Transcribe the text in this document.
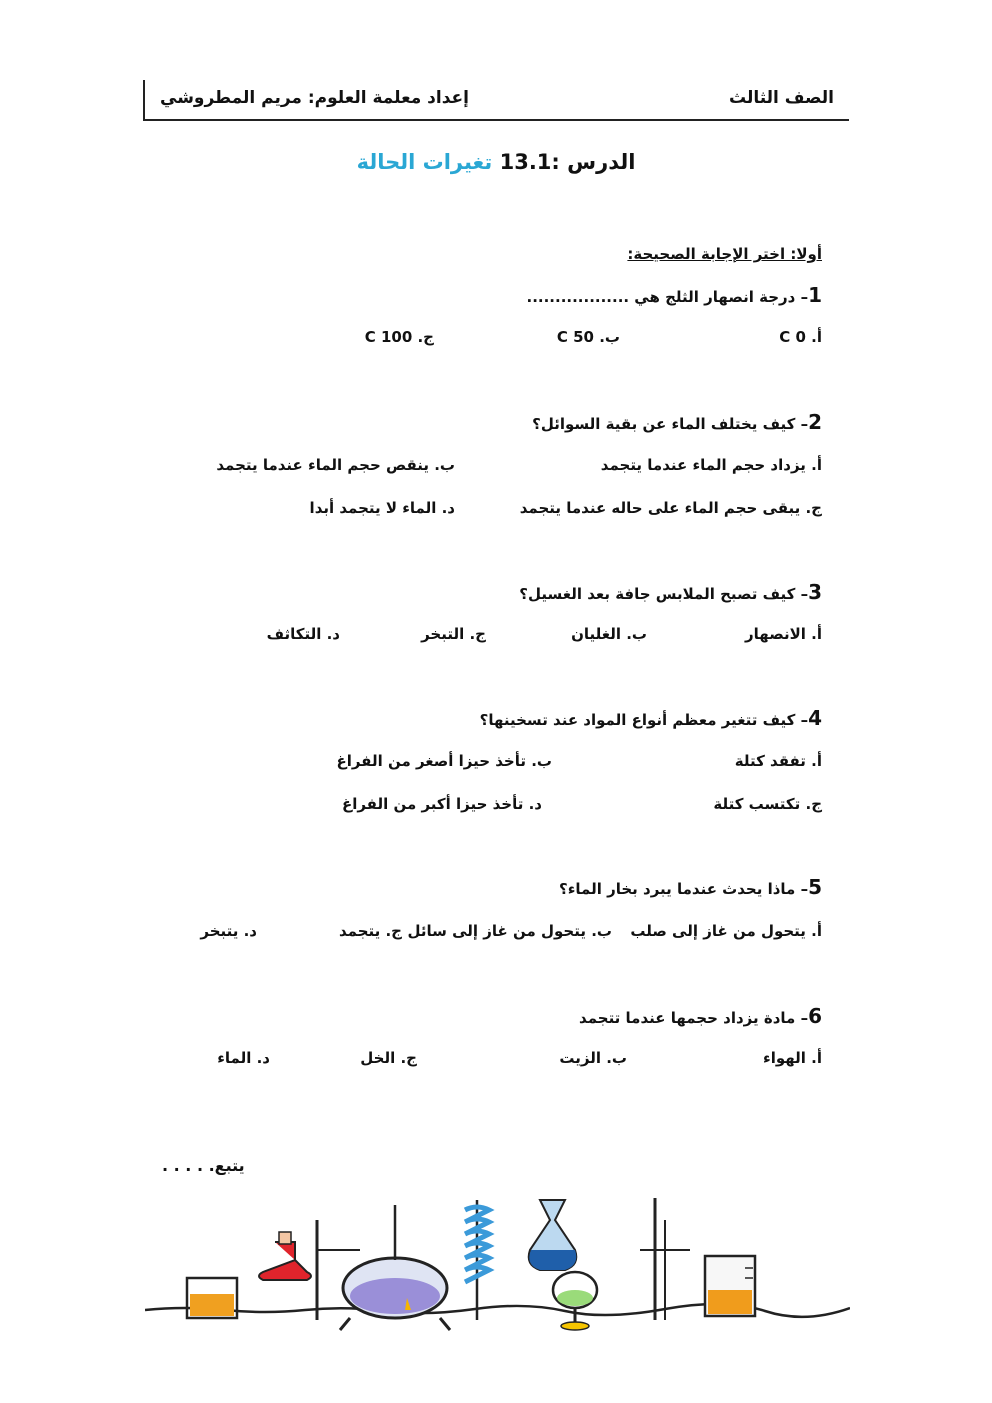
الصف الثالث
إعداد معلمة العلوم: مريم المطروشي
الدرس 13.1: تغيرات الحالة
أولا: اختر الإجابة الصحيحة:
1– درجة انصهار الثلج هي ..................
أ. 0 C
ب. 50 C
ج. 100 C
2– كيف يختلف الماء عن بقية السوائل؟
أ. يزداد حجم الماء عندما يتجمد
ب. ينقص حجم الماء عندما يتجمد
ج. يبقى حجم الماء على حاله عندما يتجمد
د. الماء لا يتجمد أبدا
3– كيف تصبح الملابس جافة بعد الغسيل؟
أ. الانصهار
ب. الغليان
ج. التبخر
د. التكاثف
4– كيف تتغير معظم أنواع المواد عند تسخينها؟
أ. تفقد كتلة
ب. تأخذ حيزا أصغر من الفراغ
ج. تكتسب كتلة
د. تأخذ حيزا أكبر من الفراغ
5– ماذا يحدث عندما يبرد بخار الماء؟
أ. يتحول من غاز إلى صلب
ب. يتحول من غاز إلى سائل
ج. يتجمد
د. يتبخر
6– مادة يزداد حجمها عندما تتجمد
أ. الهواء
ب. الزيت
ج. الخل
د. الماء
يتبع. . . . .
